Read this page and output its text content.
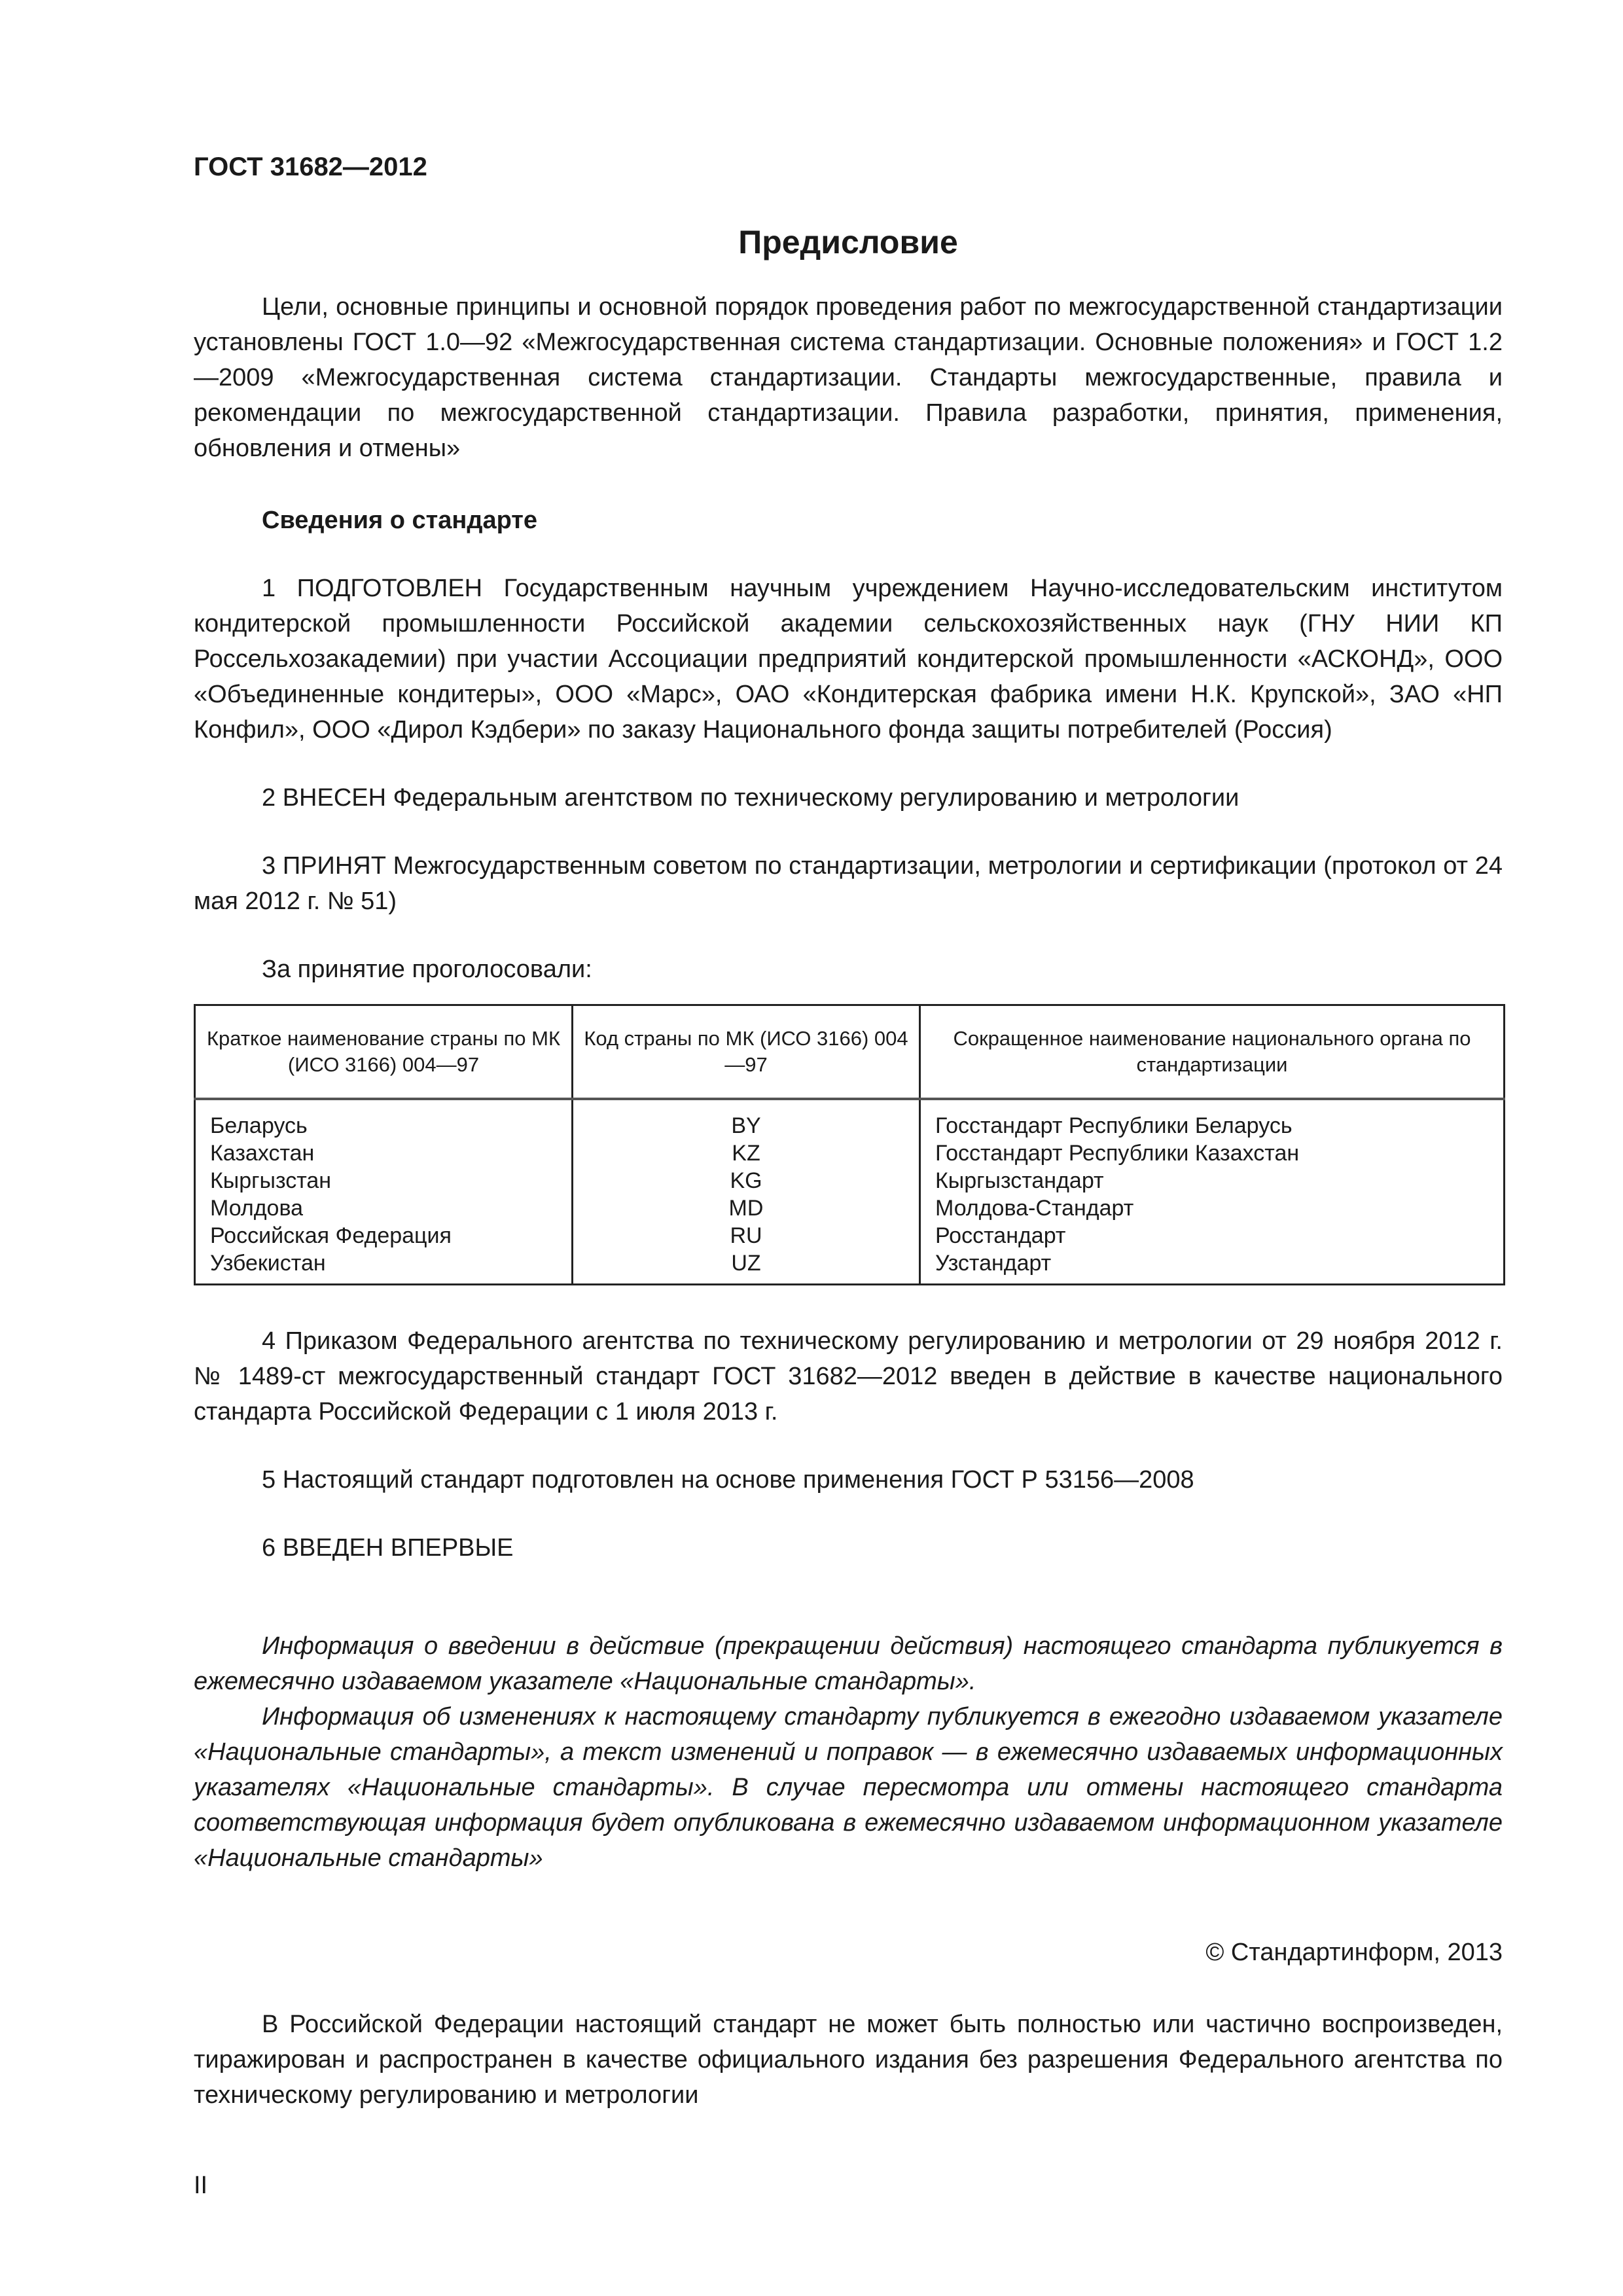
ГОСТ 31682—2012
Предисловие

Цели, основные принципы и основной порядок проведения работ по межгосударственной стандартизации установлены ГОСТ 1.0—92 «Межгосударственная система стандартизации. Основные положения» и ГОСТ 1.2—2009 «Межгосударственная система стандартизации. Стандарты межгосударственные, правила и рекомендации по межгосударственной стандартизации. Правила разработки, принятия, применения, обновления и отмены»

Сведения о стандарте

1 ПОДГОТОВЛЕН Государственным научным учреждением Научно-исследовательским институтом кондитерской промышленности Российской академии сельскохозяйственных наук (ГНУ НИИ КП Россельхозакадемии) при участии Ассоциации предприятий кондитерской промышленности «АСКОНД», ООО «Объединенные кондитеры», ООО «Марс», ОАО «Кондитерская фабрика имени Н.К. Крупской», ЗАО «НП Конфил», ООО «Дирол Кэдбери» по заказу Национального фонда защиты потребителей (Россия)

2 ВНЕСЕН Федеральным агентством по техническому регулированию и метрологии

3 ПРИНЯТ Межгосударственным советом по стандартизации, метрологии и сертификации (протокол от 24 мая 2012 г. № 51)

За принятие проголосовали:

Краткое наименование страны по МК (ИСО 3166) 004—97	Код страны по МК (ИСО 3166) 004—97	Сокращенное наименование национального органа по стандартизации
Беларусь	BY	Госстандарт Республики Беларусь
Казахстан	KZ	Госстандарт Республики Казахстан
Кыргызстан	KG	Кыргызстандарт
Молдова	MD	Молдова-Стандарт
Российская Федерация	RU	Росстандарт
Узбекистан	UZ	Узстандарт

4 Приказом Федерального агентства по техническому регулированию и метрологии от 29 ноября 2012 г. № 1489-ст межгосударственный стандарт ГОСТ 31682—2012 введен в действие в качестве национального стандарта Российской Федерации с 1 июля 2013 г.

5 Настоящий стандарт подготовлен на основе применения ГОСТ Р 53156—2008

6 ВВЕДЕН ВПЕРВЫЕ

Информация о введении в действие (прекращении действия) настоящего стандарта публикуется в ежемесячно издаваемом указателе «Национальные стандарты».

Информация об изменениях к настоящему стандарту публикуется в ежегодно издаваемом указателе «Национальные стандарты», а текст изменений и поправок — в ежемесячно издаваемых информационных указателях «Национальные стандарты». В случае пересмотра или отмены настоящего стандарта соответствующая информация будет опубликована в ежемесячно издаваемом информационном указателе «Национальные стандарты»

© Стандартинформ, 2013

В Российской Федерации настоящий стандарт не может быть полностью или частично воспроизведен, тиражирован и распространен в качестве официального издания без разрешения Федерального агентства по техническому регулированию и метрологии

II
